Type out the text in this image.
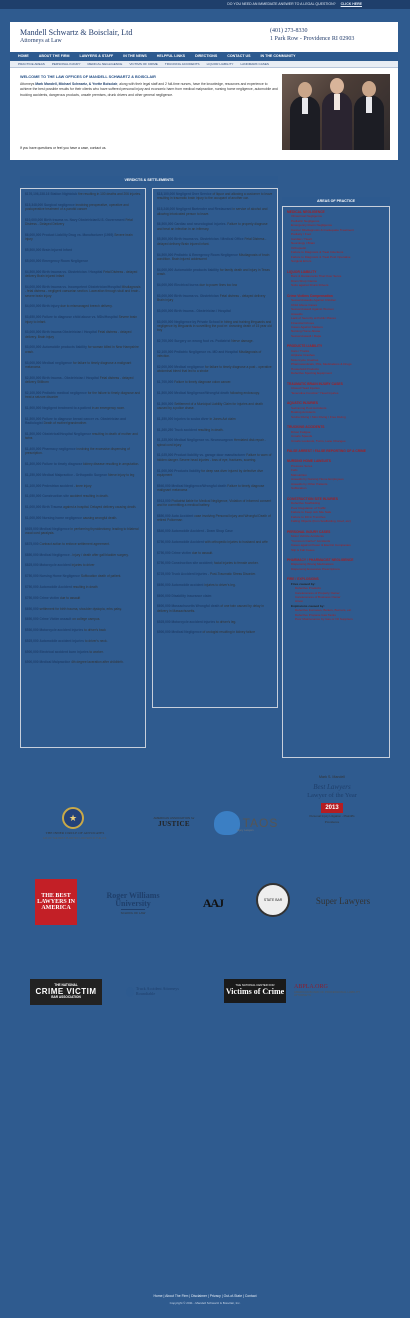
DO YOU NEED AN IMMEDIATE ANSWER TO A LEGAL QUESTION? CLICK HERE
Mandell Schwartz & Boisclair, Ltd
Attorneys at Law
(401) 273-8330
1 Park Row - Providence RI 02903
HOME	ABOUT THE FIRM	LAWYERS & STAFF	IN THE NEWS	HELPFUL LINKS	DIRECTIONS	CONTACT US	IN THE COMMUNITY
PRACTICE AREAS PERSONAL INJURY MEDICAL NEGLIGENCE VICTIMS OF CRIME TRUCKING ACCIDENTS LIQUOR LIABILITY LANDMARK CASES
WELCOME TO THE LAW OFFICES OF MANDELL SCHWARTZ & BOISCLAIR
Attorneys Mark Mandell, Michael Schwartz, & Yvette Boisclair, along with their legal staff and 2 full-time nurses, have the knowledge, resources and experience to achieve the best possible results for their clients who have suffered personal injury and economic harm from medical malpractice, nursing home negligence, automobile and trucking accidents, dangerous products, unsafe premises, drunk drivers and other general negligence.
If you have questions or feel you have a case, contact us.
VERDICTS & SETTLEMENTS
$176,106,238.16 Station Nightclub fire resulting in 100 deaths and 206 injuries.
$15,348,000 Surgical negligence involving preoperative, operative and postoperative treatment of a parotid cancer
$10,000,000 Birth trauma vs. Navy Obstetrician/U.S. Government Fetal Distress - Delayed Delivery
$6,000,000 Product Liability Drug vs. Manufacturer (1995) Severe brain injury
$5,500,000 Brain Injured Infant
$5,000,000 Emergency Room Negligence
$4,500,000 Birth trauma vs. Obstetrician / Hospital Fetal Distress - delayed delivery Brain injured infant
$4,000,000 Birth trauma vs. Incompetent Obstetrician/Hospital Misdiagnosis - fetal distress - negligent caesarian section. Laceration through skull and brain - severe brain injury
$4,000,000 Birth injury due to mismanaged breech delivery.
$3,650,000 Failure to diagnose child abuse vs. MDs/Hospital Severe brain injury to infant.
$3,000,000 Birth trauma Obstetrician / Hospital Fetal distress - delayed delivery. Brain injury
$3,000,000 Automobile products liability for woman killed in New Hampshire crash.
$3,000,000 Medical negligence for failure to timely diagnose a malignant melanoma.
$2,300,000 Birth trauma - Obstetrician / Hospital Fetal distress - delayed delivery Stillborn
$2,100,000 Pediatric medical negligence for the failure to timely diagnose and treat a seizure disorder
$1,900,000 Negligent treatment to a patient in an emergency room.
$1,500,000 Failure to diagnose breast cancer vs. Obstetrician and Radiologist Death of mother/grandmother.
$1,500,000 Obstetrical/Hospital Negligence resulting in death of mother and twins
$1,400,000 Pharmacy negligence involving the excessive dispensing of prescription.
$1,300,000 Failure to timely diagnose kidney disease resulting in amputation.
$1,250,000 Medical Malpractice - Orthopedic Surgeon Nerve injury to leg
$1,100,000 Pedestrian accident - knee injury
$1,050,000 Construction site accident resulting in death.
$1,000,000 Birth Trauma against a hospital. Delayed delivery causing death.
$1,000,000 Nursing home negligence causing wrongful death.
$925,000 Medical Negligence in performing thyroidectomy, leading to bilateral vocal cord paralysis.
$875,000 Contract action to enforce settlement agreement.
$850,000 Medical Negligence - injury / death after gall bladder surgery.
$825,000 Motorcycle accident injuries to driver
$750,000 Nursing Home Negligence Suffocation death of patient.
$750,000 Automobile Accident resulting in death
$750,000 Crime victim due to assault
$650,000 settlement for birth trauma, shoulder dystopia, erbs palsy.
$650,000 Crime Victim assault on college campus.
$530,000 Motorcycle accident injuries to driver's back
$525,000 Automobile accident injuries to driver's neck.
$500,000 Electrical accident burn injuries to worker.
$500,000 Medical Malpractice 4th degree laceration after childbirth.
$18,100,000 Negligent Over Service of liquor and allowing a customer to leave resulting in traumatic brain injury to the occupant of another car.
$15,246,000 Negligent Bartender and Restaurant in service of alcohol and allowing intoxicated person to leave.
$6,500,000 Cardiac and neurological injuries. Failure to properly diagnose and treat an infection in an infirmary.
$5,500,000 Birth trauma vs. Obstetrician / Medical Office Fetal Distress - delayed delivery Brain injured infant.
$4,500,000 Pediatric & Emergency Room Negligence Misdiagnosis of brain condition. Brain injured adolescent
$4,000,000 Automobile products liability for family death and injury in Texas crash.
$4,000,000 Electrical burns due to power lines too low
$3,000,000 Birth trauma vs. Obstetrician Fetal distress - delayed delivery Brain injury
$3,000,000 Birth trauma - Obstetrician / Hospital
$3,000,000 Negligence by Private School in hiring and training lifeguards and negligence by lifeguards in surveilling the pool re: drowning death of 15 year old boy
$2,700,000 Surgery on wrong foot vs. Podiatrist Nerve damage.
$2,100,000 Pediatric Negligence vs. MD and Hospital Misdiagnosis of infection.
$2,000,000 Medical negligence for failure to timely diagnose a post - operative abdominal bleed that led to a stroke
$1,700,000 Failure to timely diagnose colon cancer.
$1,500,000 Medical Negligence/Wrongful death following endoscopy.
$1,500,000 Settlement of a Municipal Liability Claim for injuries and death caused by a police chase.
$1,350,000 Injuries to scuba diver in Jones Act claim
$1,260,250 Truck accident resulting in death.
$1,225,000 Medical Negligence vs. Neurosurgeon Herniated disk repair - spinal cord injury
$1,025,000 Product liability vs. garage door manufacturer Failure to warn of hidden danger. Severe head injuries - loss of eye, fractures, scarring.
$1,000,000 Products liability for deep sea diver injured by defective dive equipment
$940,000 Medical Negligence/Wrongful death Failure to timely diagnose malignant melanoma
$913,000 Podiatrist liable for Medical Negligence, Violation of informed consent and for committing a medical battery.
$850,000 Auto Accident case involving Personal Injury and Wrongful Death of retired Policeman
$840,000 Automobile Accident - Dram Shop Case
$750,000 Automobile Accident with orthopedic injuries to husband and wife
$750,000 Crime victim due to assault.
$750,000 Construction site accident; facial injuries to female worker.
$725,000 Truck Accident Injuries - Post-Traumatic Stress Disorder.
$650,000 Automobile accident injuries to driver's leg.
$600,000 Disability insurance claim
$600,000 Massachusetts Wrongful death of one twin caused by delay in delivery in Massachusetts.
$525,000 Motorcycle accident injuries to driver's leg.
$500,000 Medical Negligence of urologist resulting in kidney failure
AREAS OF PRACTICE
MEDICAL NEGLIGENCE
Obstetrical Negligence
Pediatric Negligence
Emergency Room Negligence
Cancer Misdiagnosis & Inadequate Treatment
Podiatry / Foot
Cardiac / Heart
Neurology / Brain
Orthopedic
Failure to Diagnosis & Treat Infections
Failure to Diagnosis & Treat Post Operative
Surgical Errors
LIQUOR LIABILITY
Bars & Restaurants That Over Serve
Dram Shop Claims
Suits against Drunk Drivers
Crime Victims Compensation
Sexual Assaults Against Children
Child Abuse Cases
Sexual Assault Against Women
Assaults
Lack of Security at Public Places
Financial Crimes
Cases Against Stalkers
Nursing Home Abuse
Sexual Assault / Rape
PRODUCTS LIABILITY
Cars / Trucks
Airplane Crashes
Motorcycle Crashes
Pharmaceuticals, Pills, Medications & Drugs
Household Products
Defective Sporting Equipment
TRAUMATIC BRAIN INJURY CASES
Closed Head Injuries
"Executive Function" Head Injuries
AQUATIC INJURIES
Swimming Pool Accidents
Boating Accidents
Scuba Diving / Skin Diving / Free Diving
TRUCKING ACCIDENTS
Driver Fatigue
Unsafe Speeds
Unsafe Lookouts, Turns, Lane Changes
FALSE ARREST / FALSE REPORTING OF A CRIME
NURSING HOME LAWSUITS
Pressure Sores
Falls
Malnutrition
Assaults by Nursing Home Employees
Assaults by Other Patients
Suffocation
CONSTRUCTION SITE INJURIES
Defective Scaffolding
Poor Regulation of Traffic
Failure to Keep Job Site Safe
Failure to Fill in Trenches
Falling Objects (from Scaffolding, Roof, etc)
PERSONAL INJURY CASES
Motor Vehicle Accidents
"Common Carrier" Accidents
Cases against Power & Electric Companies
Slip & Fall Cases
PHARMACY / PHARMACIST NEGLIGENCE
Dispensing Wrong Medications
Dispensing Excessive Prescriptions
FIRE / EXPLOSIONS
Fires caused by:
Defective Products
Carelessness of Property Owner
Carelessness of Business Owner
Arson
Explosions caused by:
Defective Furnaces, Boilers, Burners, etc
Defective Propane Gas Tanks
Poor Maintenance by Gas or Oil Suppliers
★
THE INNER CIRCLE OF ADVOCATES
100 OF THE BEST PLAINTIFF LAWYERS IN THE U.S.
AMERICAN ASSOCIATION for
JUSTICE	TAOS
Injury Lawyers
Mark S. Mandell
Best Lawyers
Lawyer of the Year
2013
Personal Injury Litigation - Plaintiffs
Providence
THE BEST LAWYERS IN AMERICA
Roger Williams
University
SCHOOL OF LAW
AAJ	STATE BAR	Super Lawyers
THE NATIONAL
CRIME VICTIM
BAR ASSOCIATION
Truck Accident Attorneys Roundtable
THE NATIONAL CENTER FOR
Victims of Crime
ABPLA.ORG
AMERICAN BOARD OF PROFESSIONAL LIABILITY ATTORNEYS
Home | About The Firm | Disclaimer | Privacy | Out-of-State | Contact
Copyright © 2011 - Mandell Schwartz & Boisclair, Inc.
